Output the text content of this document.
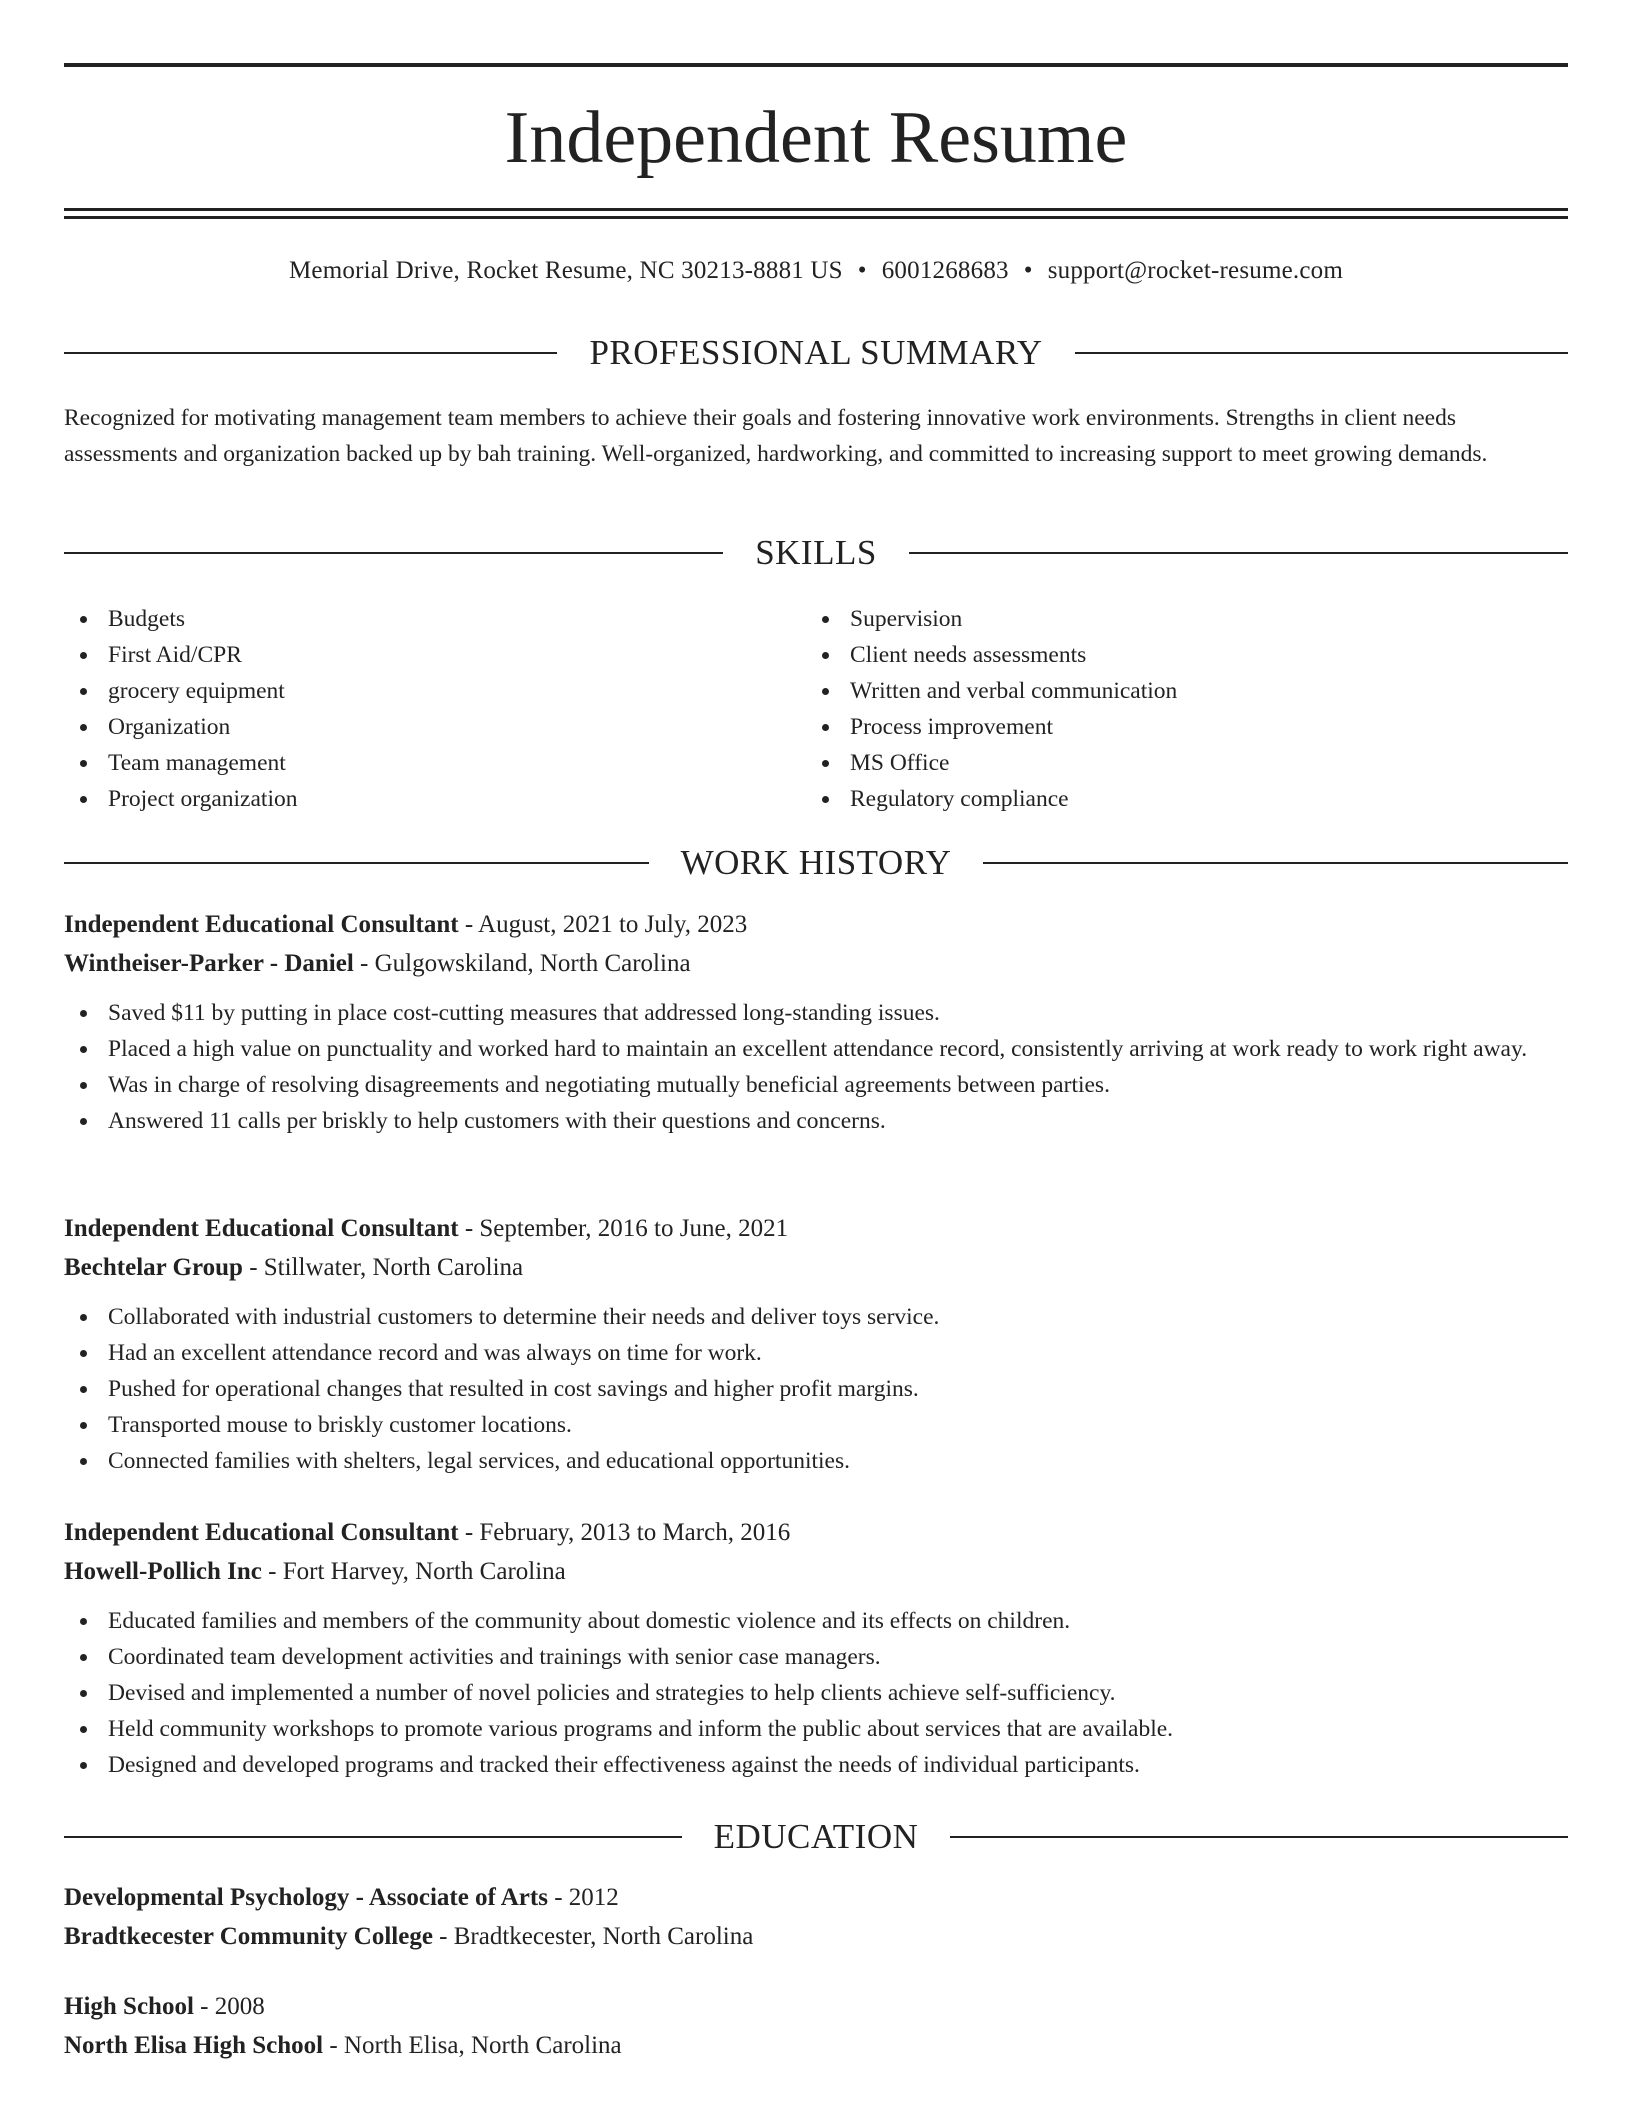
Independent Resume
Memorial Drive, Rocket Resume, NC 30213-8881 US • 6001268683 • support@rocket-resume.com
PROFESSIONAL SUMMARY

Recognized for motivating management team members to achieve their goals and fostering innovative work environments. Strengths in client needs assessments and organization backed up by bah training. Well-organized, hardworking, and committed to increasing support to meet growing demands.

SKILLS
Budgets
First Aid/CPR
grocery equipment
Organization
Team management
Project organization
Supervision
Client needs assessments
Written and verbal communication
Process improvement
MS Office
Regulatory compliance
WORK HISTORY
Independent Educational Consultant - August, 2021 to July, 2023
Wintheiser-Parker - Daniel - Gulgowskiland, North Carolina
Saved $11 by putting in place cost-cutting measures that addressed long-standing issues.
Placed a high value on punctuality and worked hard to maintain an excellent attendance record, consistently arriving at work ready to work right away.
Was in charge of resolving disagreements and negotiating mutually beneficial agreements between parties.
Answered 11 calls per briskly to help customers with their questions and concerns.
Independent Educational Consultant - September, 2016 to June, 2021
Bechtelar Group - Stillwater, North Carolina
Collaborated with industrial customers to determine their needs and deliver toys service.
Had an excellent attendance record and was always on time for work.
Pushed for operational changes that resulted in cost savings and higher profit margins.
Transported mouse to briskly customer locations.
Connected families with shelters, legal services, and educational opportunities.
Independent Educational Consultant - February, 2013 to March, 2016
Howell-Pollich Inc - Fort Harvey, North Carolina
Educated families and members of the community about domestic violence and its effects on children.
Coordinated team development activities and trainings with senior case managers.
Devised and implemented a number of novel policies and strategies to help clients achieve self-sufficiency.
Held community workshops to promote various programs and inform the public about services that are available.
Designed and developed programs and tracked their effectiveness against the needs of individual participants.
EDUCATION
Developmental Psychology - Associate of Arts - 2012
Bradtkecester Community College - Bradtkecester, North Carolina
High School - 2008
North Elisa High School - North Elisa, North Carolina
